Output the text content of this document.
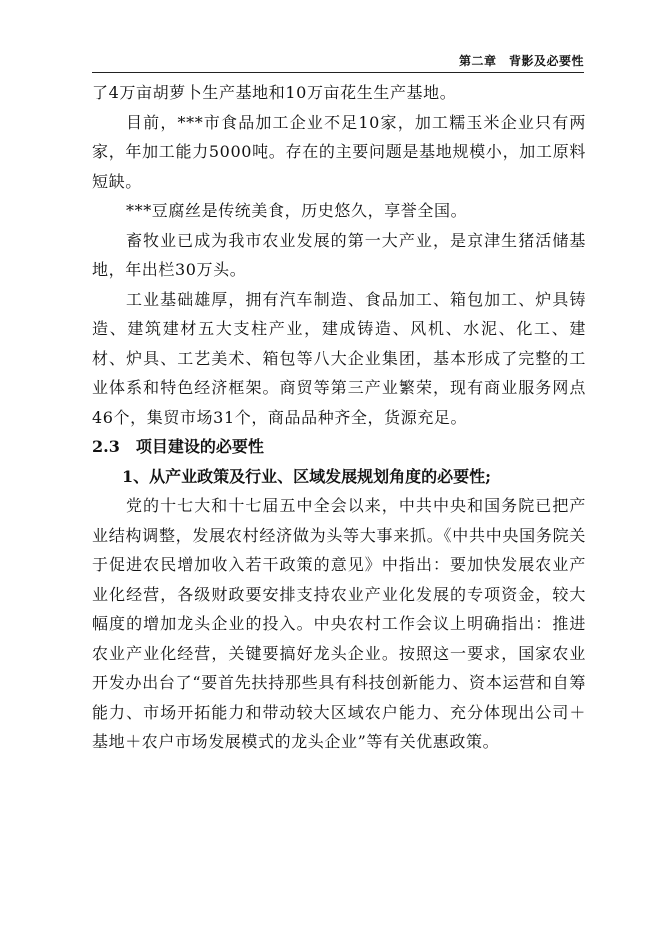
第二章　背影及必要性

了4万亩胡萝卜生产基地和10万亩花生生产基地。

目前，***市食品加工企业不足10家，加工糯玉米企业只有两家，年加工能力5000吨。存在的主要问题是基地规模小，加工原料短缺。

***豆腐丝是传统美食，历史悠久，享誉全国。

畜牧业已成为我市农业发展的第一大产业，是京津生猪活储基地，年出栏30万头。

工业基础雄厚，拥有汽车制造、食品加工、箱包加工、炉具铸造、建筑建材五大支柱产业，建成铸造、风机、水泥、化工、建材、炉具、工艺美术、箱包等八大企业集团，基本形成了完整的工业体系和特色经济框架。商贸等第三产业繁荣，现有商业服务网点46个，集贸市场31个，商品品种齐全，货源充足。

2.3　项目建设的必要性

1、从产业政策及行业、区域发展规划角度的必要性;

党的十七大和十七届五中全会以来，中共中央和国务院已把产业结构调整，发展农村经济做为头等大事来抓。《中共中央国务院关于促进农民增加收入若干政策的意见》中指出：要加快发展农业产业化经营，各级财政要安排支持农业产业化发展的专项资金，较大幅度的增加龙头企业的投入。中央农村工作会议上明确指出：推进农业产业化经营，关键要搞好龙头企业。按照这一要求，国家农业开发办出台了“要首先扶持那些具有科技创新能力、资本运营和自筹能力、市场开拓能力和带动较大区域农户能力、充分体现出公司＋基地＋农户市场发展模式的龙头企业”等有关优惠政策。
